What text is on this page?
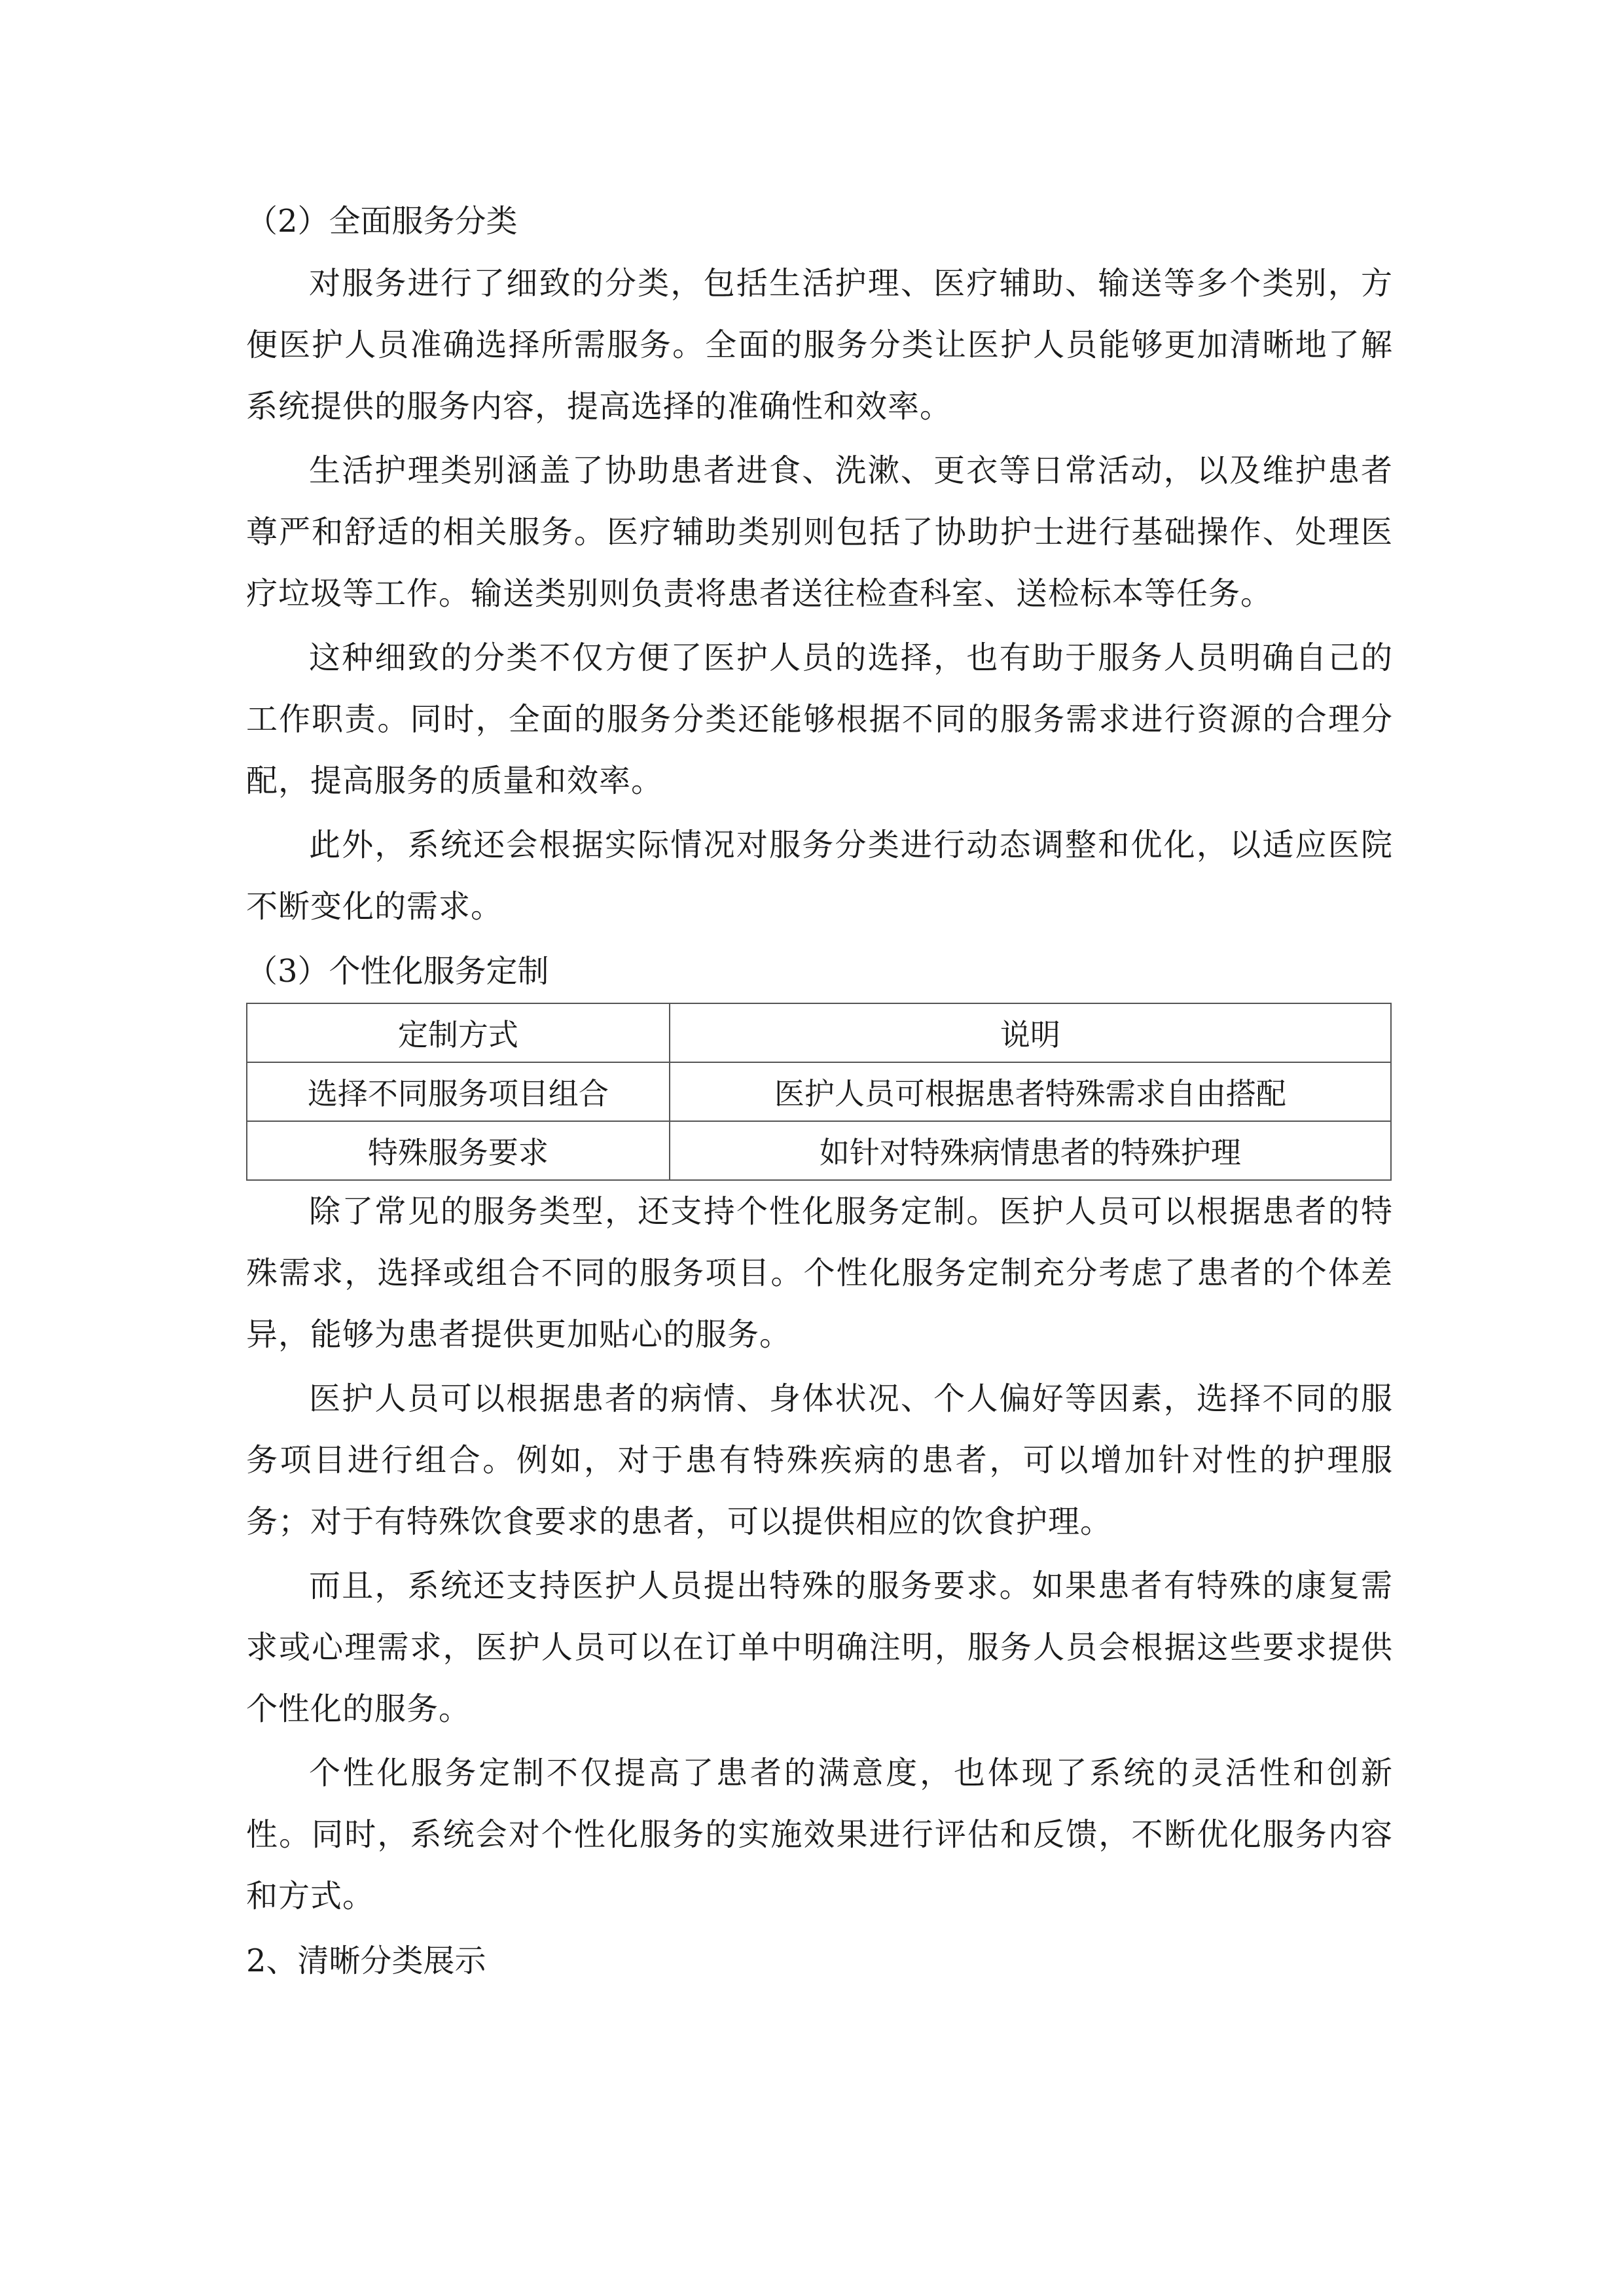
（2）全面服务分类

对服务进行了细致的分类，包括生活护理、医疗辅助、输送等多个类别，方便医护人员准确选择所需服务。全面的服务分类让医护人员能够更加清晰地了解系统提供的服务内容，提高选择的准确性和效率。

生活护理类别涵盖了协助患者进食、洗漱、更衣等日常活动，以及维护患者尊严和舒适的相关服务。医疗辅助类别则包括了协助护士进行基础操作、处理医疗垃圾等工作。输送类别则负责将患者送往检查科室、送检标本等任务。

这种细致的分类不仅方便了医护人员的选择，也有助于服务人员明确自己的工作职责。同时，全面的服务分类还能够根据不同的服务需求进行资源的合理分配，提高服务的质量和效率。

此外，系统还会根据实际情况对服务分类进行动态调整和优化，以适应医院不断变化的需求。

（3）个性化服务定制

定制方式	说明
选择不同服务项目组合	医护人员可根据患者特殊需求自由搭配
特殊服务要求	如针对特殊病情患者的特殊护理

除了常见的服务类型，还支持个性化服务定制。医护人员可以根据患者的特殊需求，选择或组合不同的服务项目。个性化服务定制充分考虑了患者的个体差异，能够为患者提供更加贴心的服务。

医护人员可以根据患者的病情、身体状况、个人偏好等因素，选择不同的服务项目进行组合。例如，对于患有特殊疾病的患者，可以增加针对性的护理服务；对于有特殊饮食要求的患者，可以提供相应的饮食护理。

而且，系统还支持医护人员提出特殊的服务要求。如果患者有特殊的康复需求或心理需求，医护人员可以在订单中明确注明，服务人员会根据这些要求提供个性化的服务。

个性化服务定制不仅提高了患者的满意度，也体现了系统的灵活性和创新性。同时，系统会对个性化服务的实施效果进行评估和反馈，不断优化服务内容和方式。

2、清晰分类展示
